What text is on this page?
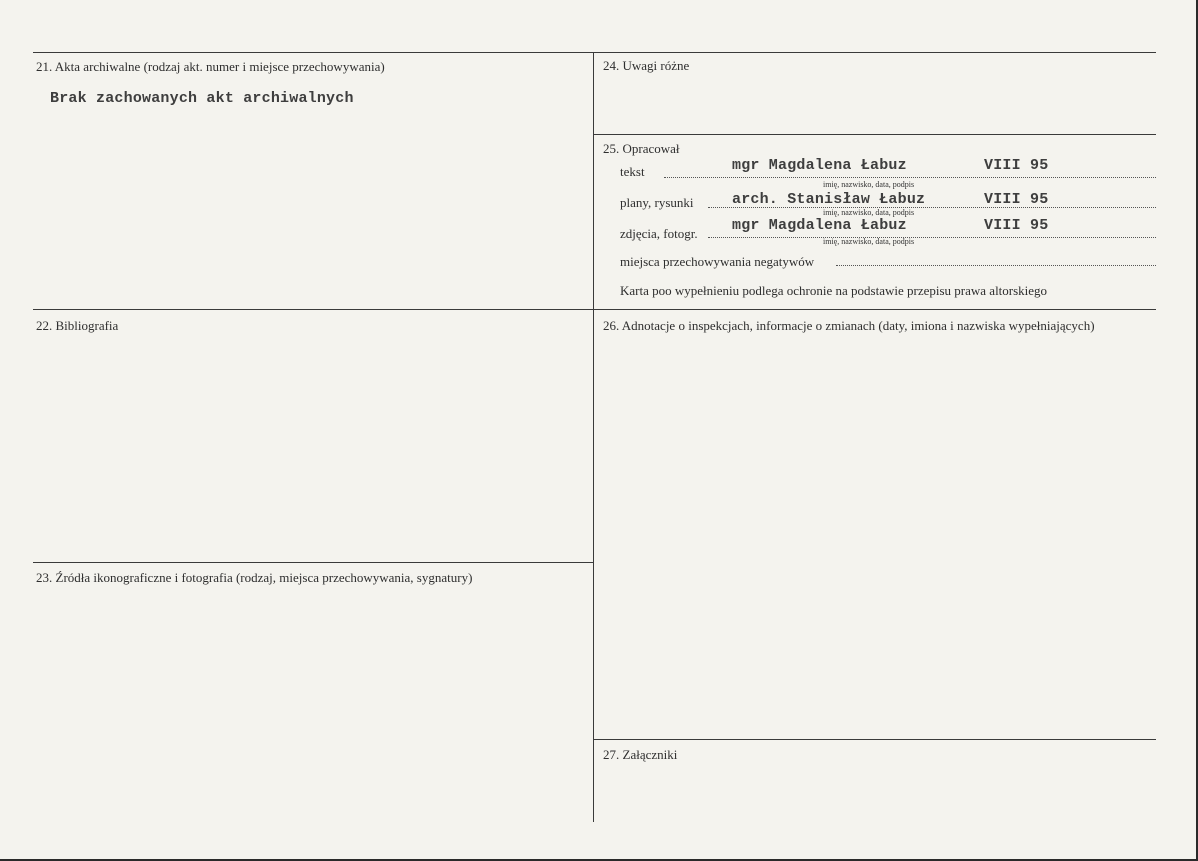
21. Akta archiwalne (rodzaj akt. numer i miejsce przechowywania)
Brak zachowanych akt archiwalnych
24. Uwagi różne
25. Opracował
tekst	mgr Magdalena Łabuz	VIII 95
imię, nazwisko, data, podpis
plany, rysunki	arch. Stanisław Łabuz	VIII 95
imię, nazwisko, data, podpis
zdjęcia, fotogr. mgr Magdalena Łabuz	VIII 95
imię, nazwisko, data, podpis
miejsca przechowywania negatywów
Karta poo wypełnieniu podlega ochronie na podstawie przepisu prawa altorskiego
22. Bibliografia	26. Adnotacje o inspekcjach, informacje o zmianach (daty, imiona i nazwiska wypełniających)
23. Źródła ikonograficzne i fotografia (rodzaj, miejsca przechowywania, sygnatury)
27. Załączniki
